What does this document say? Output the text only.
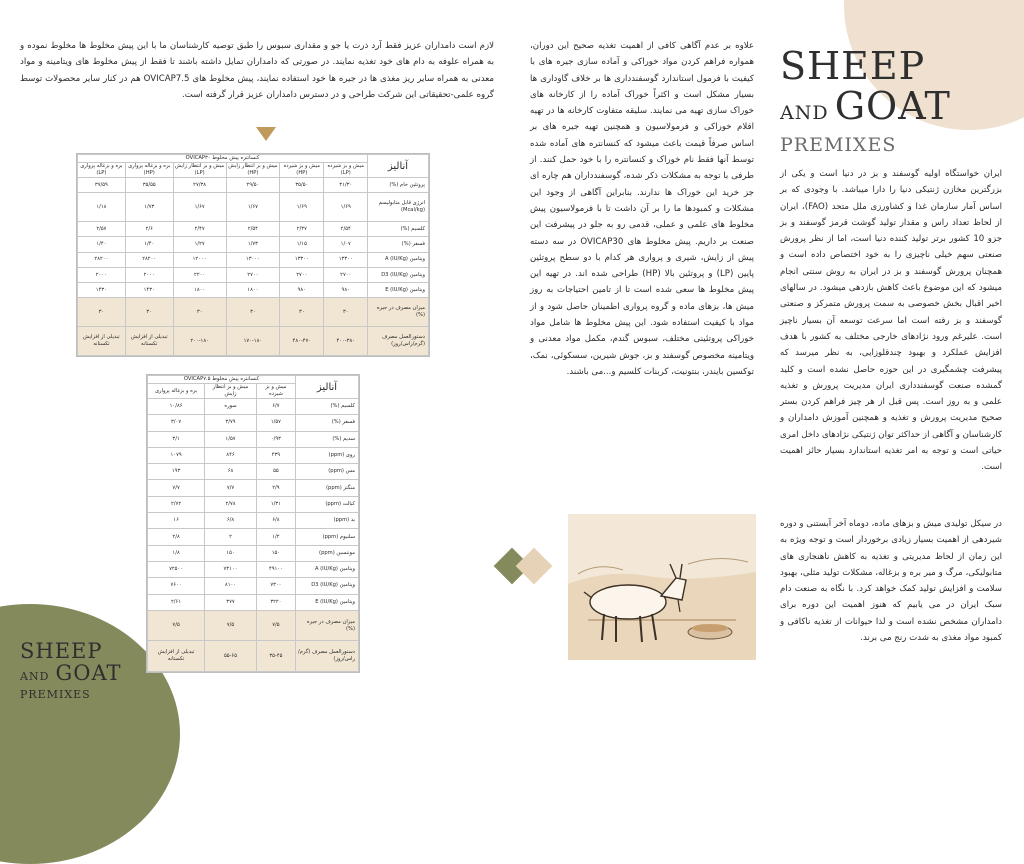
لازم است دامداران عزیز فقط آرد ذرت یا جو و مقداری سبوس را طبق توصیه کارشناسان ما با این پیش مخلوط ها مخلوط نموده و به همراه علوفه به دام های خود تغذیه نمایند. در صورتی که دامداران تمایل داشته باشند تا فقط از پیش مخلوط های ویتامینه و مواد معدنی به همراه سایر ریز مغذی ها در جیره ها خود استفاده نمایند، پیش مخلوط های OVICAP7.5 هم در کنار سایر محصولات توسط گروه علمی-تحقیقاتی این شرکت طراحی و در دسترس دامداران عزیز قرار گرفته است.

آنالیز	کنسانتره پیش مخلوط OVICAP۳۰					
	میش و بز شیرده (LP)	میش و بز شیرده (HP)	میش و بز انتظار زایش (HP)	میش و بز انتظار زایش (LP)	بره و بزغاله پرواری (HP)	بره و بزغاله پرواری (LP)
پروتئین خام (%)	۳۱/۳۰	۳۵/۵۰	۲۹/۵۰	۲۷/۳۸	۳۵/۵۵	۳۷/۵۹
انرژی قابل متابولیسم (Mcal/kg)	۱/۶۹	۱/۶۹	۱/۶۷	۱/۶۷	۱/۷۳	۱/۱۸
کلسیم (%)	۲/۵۴	۲/۳۷	۲/۵۴	۲/۴۷	۲/۶	۲/۵۷
فسفر (%)	۱/۰۷	۱/۱۵	۱/۷۳	۱/۲۷	۱/۴۰	۱/۴۰
ویتامین A (IU/Kg)	۱۳۳۰۰	۱۳۳۰۰	۱۳۰۰۰	۱۲۰۰۰	۲۸۲۰۰	۲۸۲۰۰
ویتامین D3 (IU/Kg)	۲۷۰۰	۲۷۰۰	۲۷۰۰	۲۲۰۰	۲۰۰۰	۲۰۰۰
ویتامین E (IU/Kg)	۹۸۰	۹۸۰	۱۸۰۰	۱۸۰۰	۱۴۳۰	۱۴۳۰
میزان مصرف در جیره (%)	۳۰	۳۰	۳۰	۳۰	۳۰	۳۰
دستورالعمل مصرف (گرم/راس/روز)	۴۰۰-۳۸۰	۴۸۰-۴۷۰	۱۷۰-۱۸۰	۲۰۰-۱۸۰	تبدیلی از افزایش تکستانه	تبدیلی از افزایش تکستانه
آنالیز	کنسانتره پیش مخلوط OVICAP۷.۵		
	میش و بز شیرده	میش و بز انتظار زایش	بره و بزغاله پرواری
کلسیم (%)	۶/۷	سوره	۱۰/۸۶
فسفر (%)	۱/۵۷	۳/۷۹	۳/۰۷
سدیم (%)	۰/۹۳	۱/۵۷	۳/۱
روی (ppm)	۴۳۹	۸۴۶	۱۰۷۹
مس (ppm)	۵۵	۶۸	۱۹۳
منگنز (ppm)	۲/۹	۷/۷	۷/۷
کبالت (ppm)	۱/۳۱	۲/۷۸	۲/۷۲
ید (ppm)	۶/۸	۶/۸	۱۶
سلنیوم (ppm)	۱/۲	۲	۲/۸
موننسین (ppm)	۱۵۰	۱۵۰	۱/۸
ویتامین A (IU/Kg)	۴۹۱۰۰	۷۳۱۰۰	۷۲۵۰۰
ویتامین D3 (IU/Kg)	۷۳۰۰	۸۱۰۰	۷۶۰۰
ویتامین E (IU/Kg)	۳۲۲۰	۳۷۷	۲/۶۱
میزان مصرف در جیره (%)	۷/۵	۷/۵	۷/۵
دستورالعمل مصرف (گرم/راس/روز)	۳۵-۴۵	۵۵-۶۵	تبدیلی از افزایش تکستانه
SHEEP
AND GOAT
PREMIXES

علاوه بر عدم آگاهی کافی از اهمیت تغذیه صحیح این دوران، همواره فراهم کردن مواد خوراکی و آماده سازی جیره های با کیفیت با فرمول استاندارد گوسفندداری ها بر خلاف گاوداری ها بسیار مشکل است و اکثراً خوراک آماده را از کارخانه های خوراک سازی تهیه می نمایند. سلیقه متفاوت کارخانه ها در تهیه اقلام خوراکی و فرمولاسیون و همچنین تهیه جیره های بر اساس صرفاً قیمت باعث میشود که کنسانتره های آماده شده توسط آنها فقط نام خوراک و کنسانتره را با خود حمل کنند. از طرفی با توجه به مشکلات ذکر شده، گوسفندداران هم چاره ای جز خرید این خوراک ها ندارند. بنابراین آگاهی از وجود این مشکلات و کمبودها ما را بر آن داشت تا با فرمولاسیون پیش مخلوط های علمی و عملی، قدمی رو به جلو در پیشرفت این صنعت بر داریم. پیش مخلوط های OVICAP30 در سه دسته پیش از زایش، شیری و پرواری هر کدام با دو سطح پروتئین پایین (LP) و پروتئین بالا (HP) طراحی شده اند. در تهیه این پیش مخلوط ها سعی شده است تا از تامین احتیاجات به روز میش ها، بزهای ماده و گروه پرواری اطمینان حاصل شود و از مواد با کیفیت استفاده شود. این پیش مخلوط ها شامل مواد خوراکی پروتئینی مختلف، سبوس گندم، مکمل مواد معدنی و ویتامینه مخصوص گوسفند و بز، جوش شیرین، سسکوئی، نمک، توکسین بایندر، بنتونیت، کربنات کلسیم و...می باشند.

SHEEP
AND GOAT
PREMIXES

ایران خواستگاه اولیه گوسفند و بز در دنیا است و یکی از بزرگترین مخازن ژنتیکی دنیا را دارا میباشد. با وجودی که بر اساس آمار سازمان غذا و کشاورزی ملل متحد (FAO)، ایران از لحاظ تعداد راس و مقدار تولید گوشت قرمز گوسفند و بز جزو 10 کشور برتر تولید کننده دنیا است، اما از نظر پرورش صنعتی سهم خیلی ناچیزی را به خود اختصاص داده است و همچنان پرورش گوسفند و بز در ایران به روش سنتی انجام میشود که این موضوع باعث کاهش بازدهی میشود. در سالهای اخیر اقبال بخش خصوصی به سمت پرورش متمرکز و صنعتی گوسفند و بز رفته است اما سرعت توسعه آن بسیار ناچیز است. علیرغم ورود نژادهای خارجی مختلف به کشور با هدف افزایش عملکرد و بهبود چندقلوزایی، به نظر میرسد که پیشرفت چشمگیری در این حوزه حاصل نشده است و کلید گمشده صنعت گوسفندداری ایران مدیریت پرورش و تغذیه علمی و به روز است. پس قبل از هر چیز فراهم کردن بستر صحیح مدیریت پرورش و تغذیه و همچنین آموزش دامداران و کارشناسان و آگاهی از حداکثر توان ژنتیکی نژادهای داخل امری حیاتی است و توجه به امر تغذیه استاندارد بسیار حائز اهمیت است.

در سیکل تولیدی میش و بزهای ماده، دوماه آخر آبستنی و دوره شیردهی از اهمیت بسیار زیادی برخوردار است و توجه ویژه به این زمان از لحاظ مدیریتی و تغذیه به کاهش ناهنجاری های متابولیکی، مرگ و میر بره و بزغاله، مشکلات تولید مثلی، بهبود سلامت و افزایش تولید کمک خواهد کرد. با نگاه به صنعت دام سبک ایران در می یابیم که هنوز اهمیت این دوره برای دامداران مشخص نشده است و لذا حیوانات از تغذیه ناکافی و کمبود مواد مغذی به شدت رنج می برند.
